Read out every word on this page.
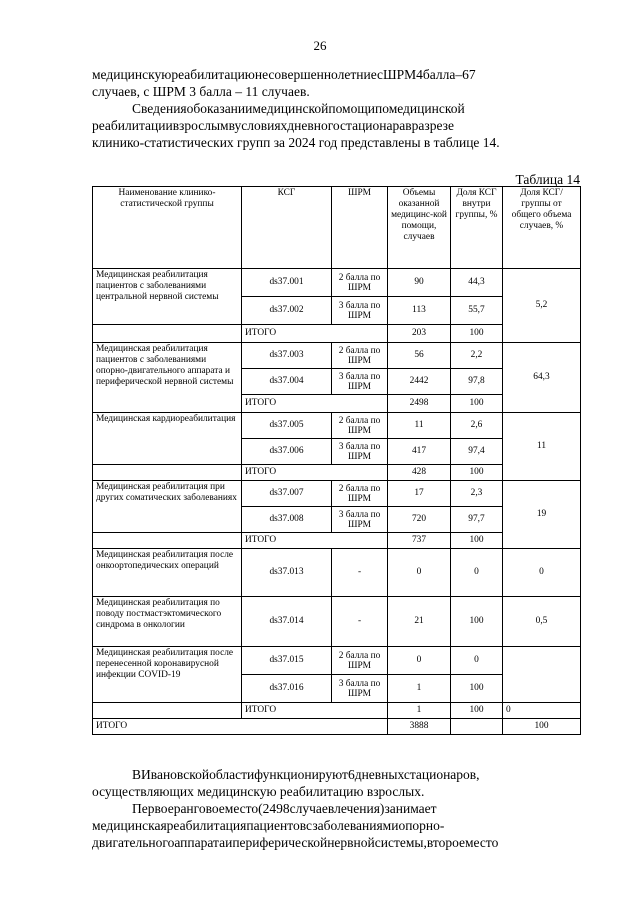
26
медицинскуюреабилитациюнесовершеннолетниесШРМ4балла–67
случаев, с ШРМ 3 балла – 11 случаев.
Сведенияобоказаниимедицинскойпомощипомедицинской
реабилитациивзрослымвусловияхдневногостационаравразрезе
клинико-статистических групп за 2024 год представлены в таблице 14.
Таблица 14
Наименование клинико-статистической группы	КСГ	ШРМ	Объемы оказанной медицинс-кой помощи, случаев	Доля КСГ внутри группы, %	Доля КСГ/группы от общего объема случаев, %
Медицинская реабилитация пациентов с заболеваниями центральной нервной системы	ds37.001	2 балла по ШРМ	90	44,3	5,2
	ds37.002	3 балла по ШРМ	113	55,7	
	ИТОГО		203	100	
Медицинская реабилитация пациентов с заболеваниями опорно-двигательного аппарата и периферической нервной системы	ds37.003	2 балла по ШРМ	56	2,2	64,3
	ds37.004	3 балла по ШРМ	2442	97,8	
	ИТОГО		2498	100	
Медицинская кардиореабилитация	ds37.005	2 балла по ШРМ	11	2,6	11
	ds37.006	3 балла по ШРМ	417	97,4	
	ИТОГО		428	100	
Медицинская реабилитация при других соматических заболеваниях	ds37.007	2 балла по ШРМ	17	2,3	19
	ds37.008	3 балла по ШРМ	720	97,7	
	ИТОГО		737	100	
Медицинская реабилитация после онкоортопедических операций	ds37.013	-	0	0	0
Медицинская реабилитация по поводу постмастэктомического синдрома в онкологии	ds37.014	-	21	100	0,5
Медицинская реабилитация после перенесенной коронавирусной инфекции COVID-19	ds37.015	2 балла по ШРМ	0	0	
	ds37.016	3 балла по ШРМ	1	100	
	ИТОГО		1	100	0
ИТОГО			3888		100
ВИвановскойобластифункционируют6дневныхстационаров,
осуществляющих медицинскую реабилитацию взрослых.
Первоеранговоеместо(2498случаевлечения)занимает
медицинскаяреабилитацияпациентовсзаболеваниямиопорно-
двигательногоаппаратаипериферическойнервнойсистемы,второеместо
